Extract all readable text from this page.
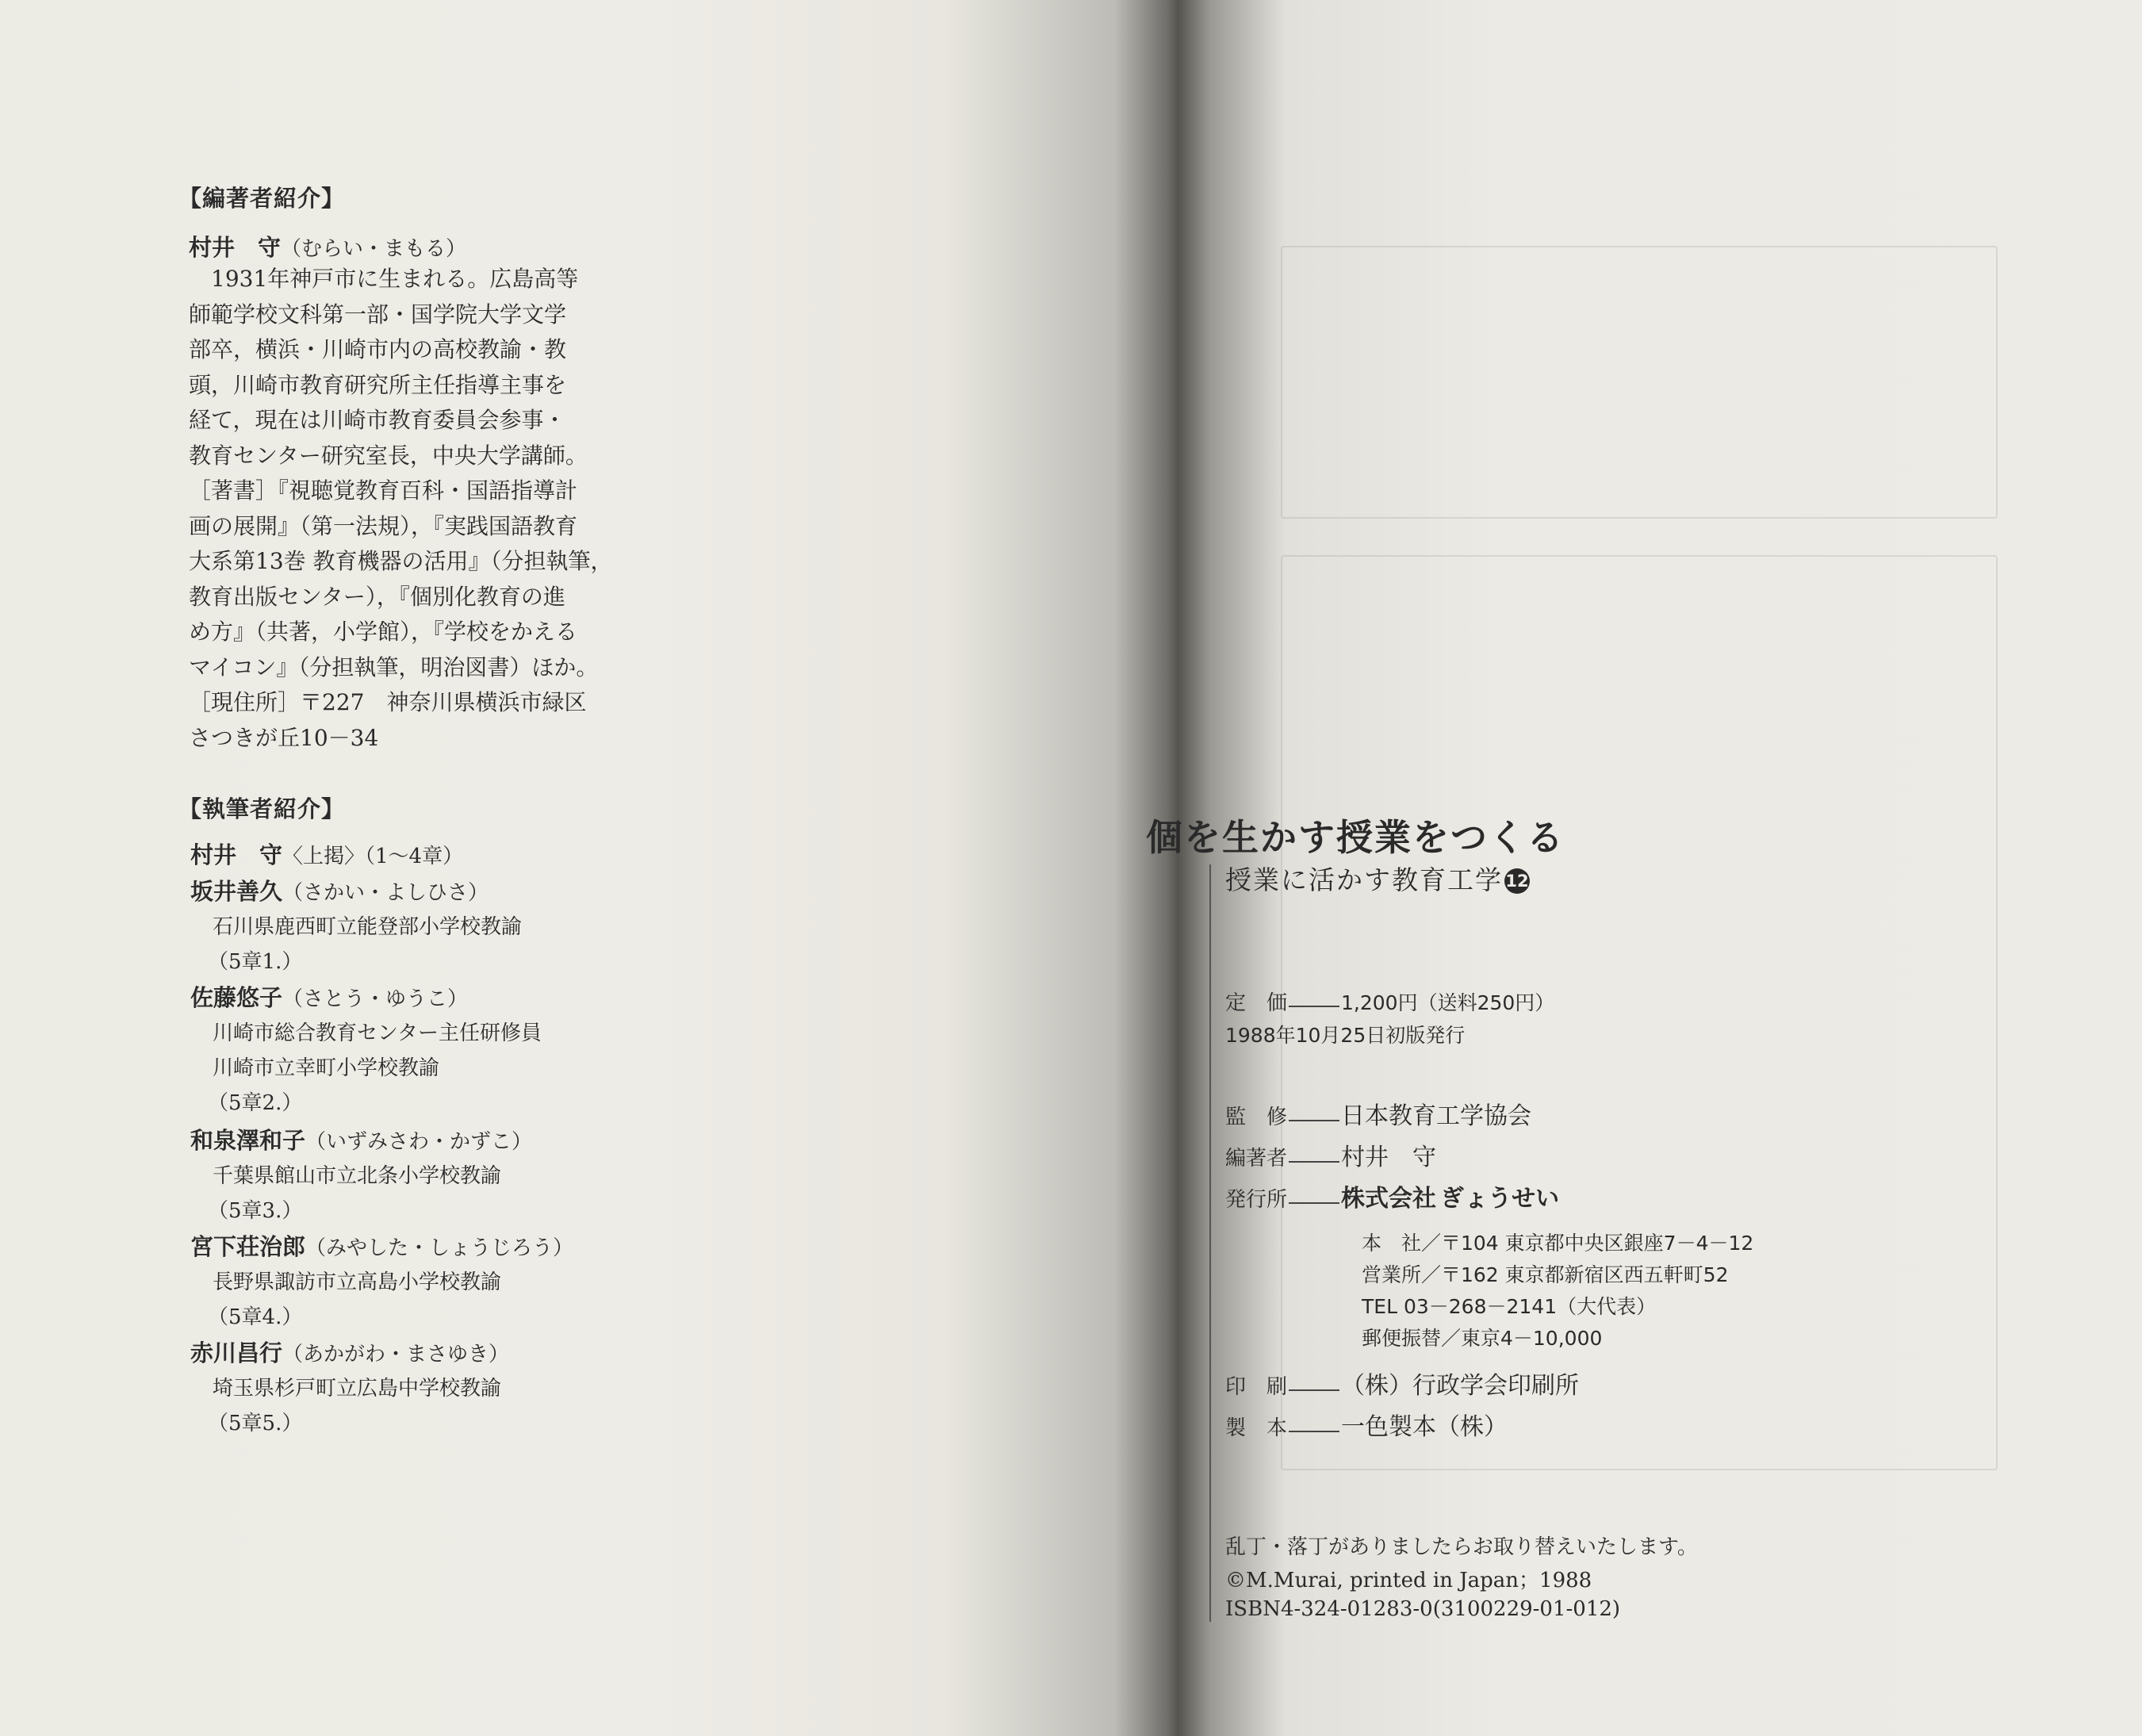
【編著者紹介】
村井　守（むらい・まもる）
1931年神戸市に生まれる。広島高等
師範学校文科第一部・国学院大学文学
部卒，横浜・川崎市内の高校教諭・教
頭，川崎市教育研究所主任指導主事を
経て，現在は川崎市教育委員会参事・
教育センター研究室長，中央大学講師。
［著書］『視聴覚教育百科・国語指導計
画の展開』（第一法規），『実践国語教育
大系第13巻 教育機器の活用』（分担執筆，
教育出版センター），『個別化教育の進
め方』（共著，小学館），『学校をかえる
マイコン』（分担執筆，明治図書）ほか。
［現住所］〒227　神奈川県横浜市緑区
さつきが丘10－34
【執筆者紹介】
村井　守〈上掲〉（1～4章）
坂井善久（さかい・よしひさ）
石川県鹿西町立能登部小学校教諭
（5章1.）
佐藤悠子（さとう・ゆうこ）
川崎市総合教育センター主任研修員
川崎市立幸町小学校教諭
（5章2.）
和泉澤和子（いずみさわ・かずこ）
千葉県館山市立北条小学校教諭
（5章3.）
宮下荘治郎（みやした・しょうじろう）
長野県諏訪市立高島小学校教諭
（5章4.）
赤川昌行（あかがわ・まさゆき）
埼玉県杉戸町立広島中学校教諭
（5章5.）
個を生かす授業をつくる
授業に活かす教育工学 12
定　価	1,200円（送料250円）
1988年10月25日初版発行
監　修 日本教育工学協会
編著者 村井　守
発行所 株式会社 ぎょうせい
本　社／〒104 東京都中央区銀座7－4－12
営業所／〒162 東京都新宿区西五軒町52
TEL 03－268－2141（大代表）
郵便振替／東京4－10,000
印　刷 （株）行政学会印刷所
製　本 一色製本（株）
乱丁・落丁がありましたらお取り替えいたします。
©M.Murai, printed in Japan；1988
ISBN4-324-01283-0(3100229-01-012)
